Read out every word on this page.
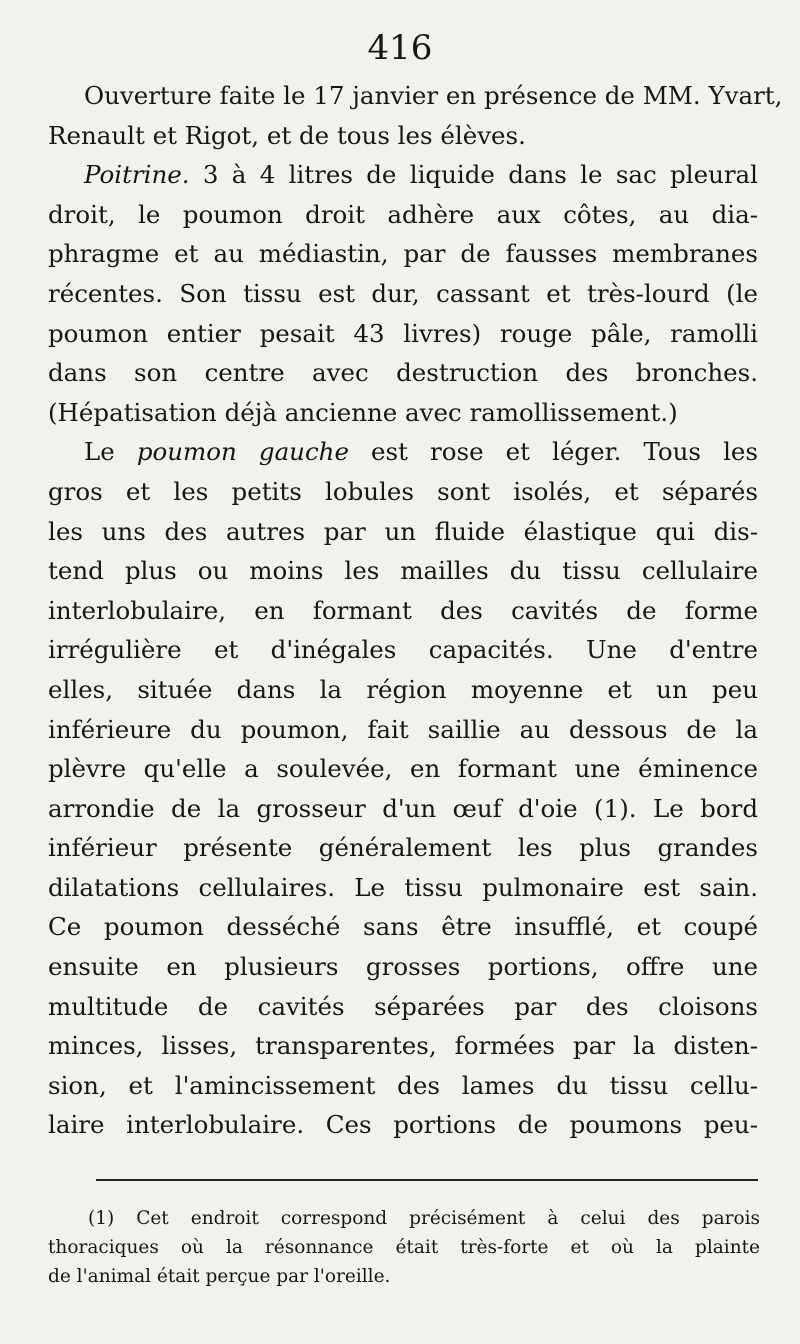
416
Ouverture faite le 17 janvier en présence de MM. Yvart,
Renault et Rigot, et de tous les élèves.
Poitrine. 3 à 4 litres de liquide dans le sac pleural
droit, le poumon droit adhère aux côtes, au dia-
phragme et au médiastin, par de fausses membranes
récentes. Son tissu est dur, cassant et très-lourd (le
poumon entier pesait 43 livres) rouge pâle, ramolli
dans son centre avec destruction des bronches.
(Hépatisation déjà ancienne avec ramollissement.)
Le poumon gauche est rose et léger. Tous les
gros et les petits lobules sont isolés, et séparés
les uns des autres par un fluide élastique qui dis-
tend plus ou moins les mailles du tissu cellulaire
interlobulaire, en formant des cavités de forme
irrégulière et d'inégales capacités. Une d'entre
elles, située dans la région moyenne et un peu
inférieure du poumon, fait saillie au dessous de la
plèvre qu'elle a soulevée, en formant une éminence
arrondie de la grosseur d'un œuf d'oie (1). Le bord
inférieur présente généralement les plus grandes
dilatations cellulaires. Le tissu pulmonaire est sain.
Ce poumon desséché sans être insufflé, et coupé
ensuite en plusieurs grosses portions, offre une
multitude de cavités séparées par des cloisons
minces, lisses, transparentes, formées par la disten-
sion, et l'amincissement des lames du tissu cellu-
laire interlobulaire. Ces portions de poumons peu-
(1) Cet endroit correspond précisément à celui des parois
thoraciques où la résonnance était très-forte et où la plainte
de l'animal était perçue par l'oreille.
